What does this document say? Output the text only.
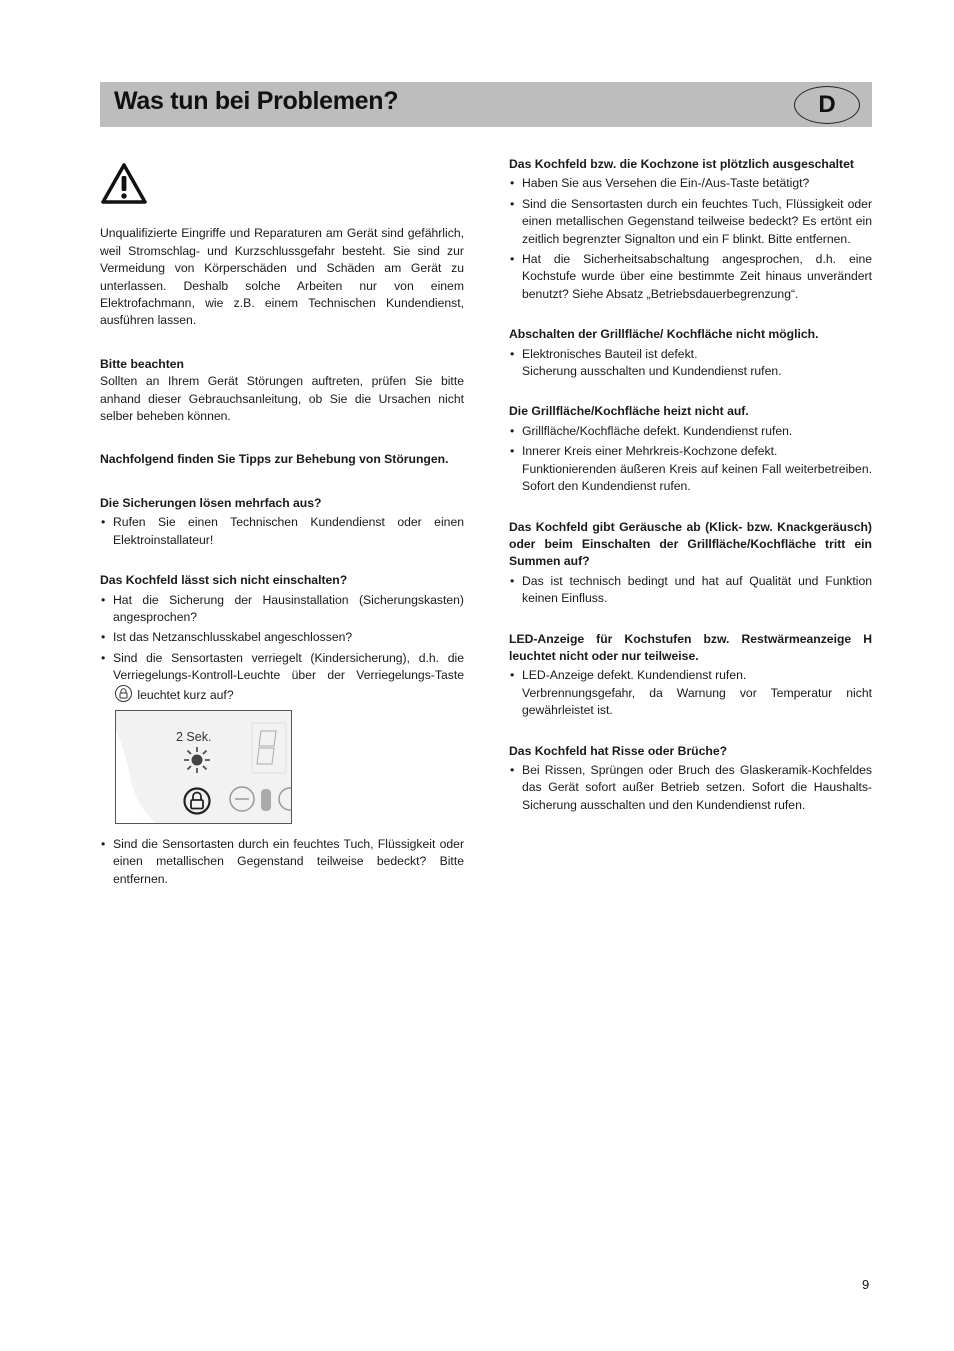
Was tun bei Problemen?	D

Unqualifizierte Eingriffe und Reparaturen am Gerät sind gefährlich, weil Stromschlag- und Kurzschlussgefahr besteht. Sie sind zur Vermeidung von Körperschäden und Schäden am Gerät zu unterlassen. Deshalb solche Arbeiten nur von einem Elektrofachmann, wie z.B. einem Technischen Kundendienst, ausführen lassen.

Bitte beachten

Sollten an Ihrem Gerät Störungen auftreten, prüfen Sie bitte anhand dieser Gebrauchsanleitung, ob Sie die Ursachen nicht selber beheben können.

Nachfolgend finden Sie Tipps zur Behebung von Störungen.
Die Sicherungen lösen mehrfach aus?
• Rufen Sie einen Technischen Kundendienst oder einen Elektroinstallateur!
Das Kochfeld lässt sich nicht einschalten?
• Hat die Sicherung der Hausinstallation (Sicherungskasten) angesprochen?
• Ist das Netzanschlusskabel angeschlossen?
• Sind die Sensortasten verriegelt (Kindersicherung), d.h. die Verriegelungs-Kontroll-Leuchte über der Verriegelungs-Taste
leuchtet kurz auf?
2 Sek.
• Sind die Sensortasten durch ein feuchtes Tuch, Flüssigkeit oder einen metallischen Gegenstand teilweise bedeckt? Bitte entfernen.
Das Kochfeld bzw. die Kochzone ist plötzlich ausgeschaltet
• Haben Sie aus Versehen die Ein-/Aus-Taste betätigt?
• Sind die Sensortasten durch ein feuchtes Tuch, Flüssigkeit oder einen metallischen Gegenstand teilweise bedeckt? Es ertönt ein zeitlich begrenzter Signalton und ein F blinkt. Bitte entfernen.
• Hat die Sicherheitsabschaltung angesprochen, d.h. eine Kochstufe wurde über eine bestimmte Zeit hinaus unverändert benutzt? Siehe Absatz „Betriebsdauerbegrenzung“.
Abschalten der Grillfläche/ Kochfläche nicht möglich.
• Elektronisches Bauteil ist defekt.
Sicherung ausschalten und Kundendienst rufen.
Die Grillfläche/Kochfläche heizt nicht auf.
• Grillfläche/Kochfläche defekt. Kundendienst rufen.
• Innerer Kreis einer Mehrkreis-Kochzone defekt.
Funktionierenden äußeren Kreis auf keinen Fall weiterbetreiben. Sofort den Kundendienst rufen.
Das Kochfeld gibt Geräusche ab (Klick- bzw. Knackgeräusch) oder beim Einschalten der Grillfläche/Kochfläche tritt ein Summen auf?
• Das ist technisch bedingt und hat auf Qualität und Funktion keinen Einfluss.
LED-Anzeige für Kochstufen bzw. Restwärmeanzeige H leuchtet nicht oder nur teilweise.
• LED-Anzeige defekt. Kundendienst rufen.
Verbrennungsgefahr, da Warnung vor Temperatur nicht gewährleistet ist.
Das Kochfeld hat Risse oder Brüche?
• Bei Rissen, Sprüngen oder Bruch des Glaskeramik-Kochfeldes das Gerät sofort außer Betrieb setzen. Sofort die Haushalts-Sicherung ausschalten und den Kundendienst rufen.
9
